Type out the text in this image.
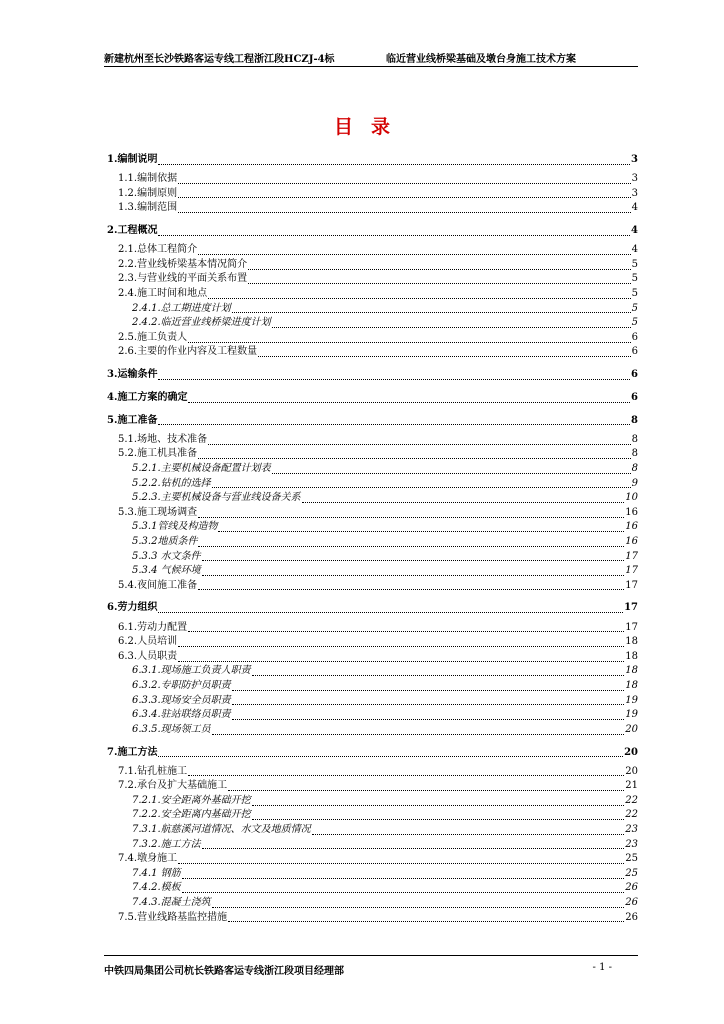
新建杭州至长沙铁路客运专线工程浙江段HCZJ-4标	临近营业线桥梁基础及墩台身施工技术方案
目录
1.编制说明	3
1.1.编制依据	3
1.2.编制原则	3
1.3.编制范围	4
2.工程概况	4
2.1.总体工程简介	4
2.2.营业线桥梁基本情况简介	5
2.3.与营业线的平面关系布置	5
2.4.施工时间和地点	5
2.4.1.总工期进度计划	5
2.4.2.临近营业线桥梁进度计划	5
2.5.施工负责人	6
2.6.主要的作业内容及工程数量	6
3.运输条件	6
4.施工方案的确定	6
5.施工准备	8
5.1.场地、技术准备	8
5.2.施工机具准备	8
5.2.1.主要机械设备配置计划表	8
5.2.2.钻机的选择	9
5.2.3.主要机械设备与营业线设备关系	10
5.3.施工现场调查	16
5.3.1管线及构造物	16
5.3.2地质条件	16
5.3.3 水文条件	17
5.3.4 气候环境	17
5.4.夜间施工准备	17
6.劳力组织	17
6.1.劳动力配置	17
6.2.人员培训	18
6.3.人员职责	18
6.3.1.现场施工负责人职责	18
6.3.2.专职防护员职责	18
6.3.3.现场安全员职责	19
6.3.4.驻站联络员职责	19
6.3.5.现场领工员	20
7.施工方法	20
7.1.钻孔桩施工	20
7.2.承台及扩大基础施工	21
7.2.1.安全距离外基础开挖	22
7.2.2.安全距离内基础开挖	22
7.3.1.航慈溪河道情况、水文及地质情况	23
7.3.2.施工方法	23
7.4.墩身施工	25
7.4.1 钢筋	25
7.4.2.模板	26
7.4.3.混凝土浇筑	26
7.5.营业线路基监控措施	26
中铁四局集团公司杭长铁路客运专线浙江段项目经理部	- 1 -
